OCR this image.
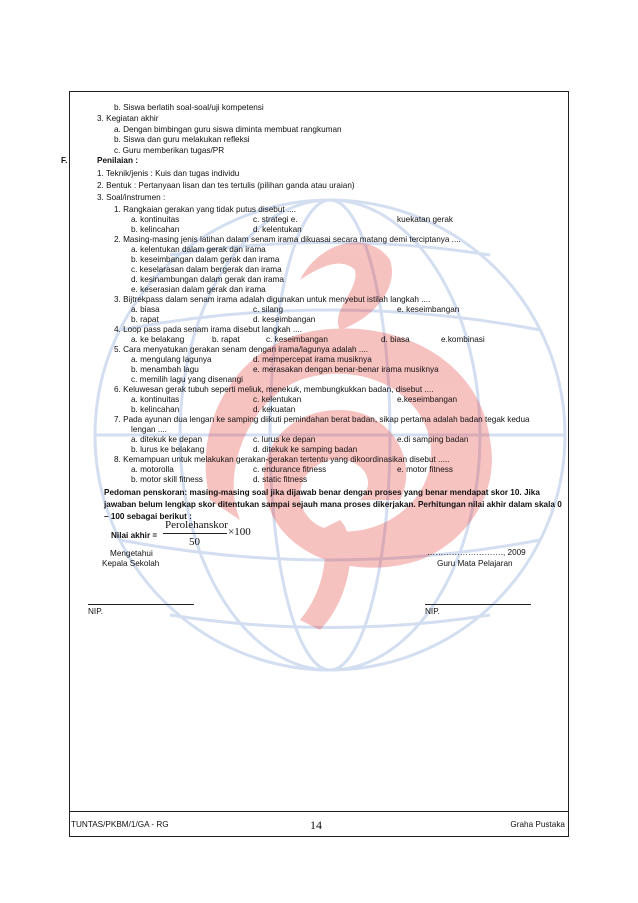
b. Siswa berlatih soal-soal/uji kompetensi
3. Kegiatan akhir
a. Dengan bimbingan guru siswa diminta membuat rangkuman
b. Siswa dan guru melakukan refleksi
c. Guru memberikan tugas/PR
F.	Penilaian :
1. Teknik/jenis : Kuis dan tugas individu
2. Bentuk : Pertanyaan lisan dan tes tertulis (pilihan ganda atau uraian)
3. Soal/instrumen :
1. Rangkaian gerakan yang tidak putus disebut ....
a. kontinuitas	c. strategi e.	kuekatan gerak
b. kelincahan	d. kelentukan
2. Masing-masing jenis latihan dalam senam irama dikuasai secara matang demi terciptanya ....
a. kelentukan dalam gerak dan irama
b. keseimbangan dalam gerak dan irama
c. keselarasan dalam bergerak dan irama
d. kesinambungan dalam gerak dan irama
e. keserasian dalam gerak dan irama
3. Bijtrekpass dalam senam irama adalah digunakan untuk menyebut istilah langkah ....
a. biasa	c. silang	e. keseimbangan
b. rapat	d. keseimbangan
4. Loop pass pada senam irama disebut langkah ....
a. ke belakang	b. rapat	c. keseimbangan	d. biasa	e.kombinasi
5. Cara menyatukan gerakan senam dengan irama/lagunya adalah ....
a. mengulang lagunya	d. mempercepat irama musiknya
b. menambah lagu	e. merasakan dengan benar-benar irama musiknya
c. memilih lagu yang disenangi
6. Keluwesan gerak tubuh seperti meliuk, menekuk, membungkukkan badan, disebut ....
a. kontinuitas	c. kelentukan	e.keseimbangan
b. kelincahan	d. kekuatan
7. Pada ayunan dua lengan ke samping diikuti pemindahan berat badan, sikap pertama adalah badan tegak kedua
lengan ....
a. ditekuk ke depan	c. lurus ke depan	e.di samping badan
b. lurus ke belakang	d. ditekuk ke samping badan
8. Kemampuan untuk melakukan gerakan-gerakan tertentu yang dikoordinasikan disebut .....
a. motorolla	c. endurance fitness	e. motor fitness
b. motor skill fitness	d. static fitness
Pedoman penskoran: masing-masing soal jika dijawab benar dengan proses yang benar mendapat skor 10. Jika jawaban belum lengkap skor ditentukan sampai sejauh mana proses dikerjakan. Perhitungan nilai akhir dalam skala 0 – 100 sebagai berikut :
Nilai akhir =
Perolehanskor
50
×100
Mengetahui
Kepala Sekolah
………………………., 2009
Guru Mata Pelajaran
NIP.	NIP.
TUNTAS/PKBM/1/GA - RG	14	Graha Pustaka
